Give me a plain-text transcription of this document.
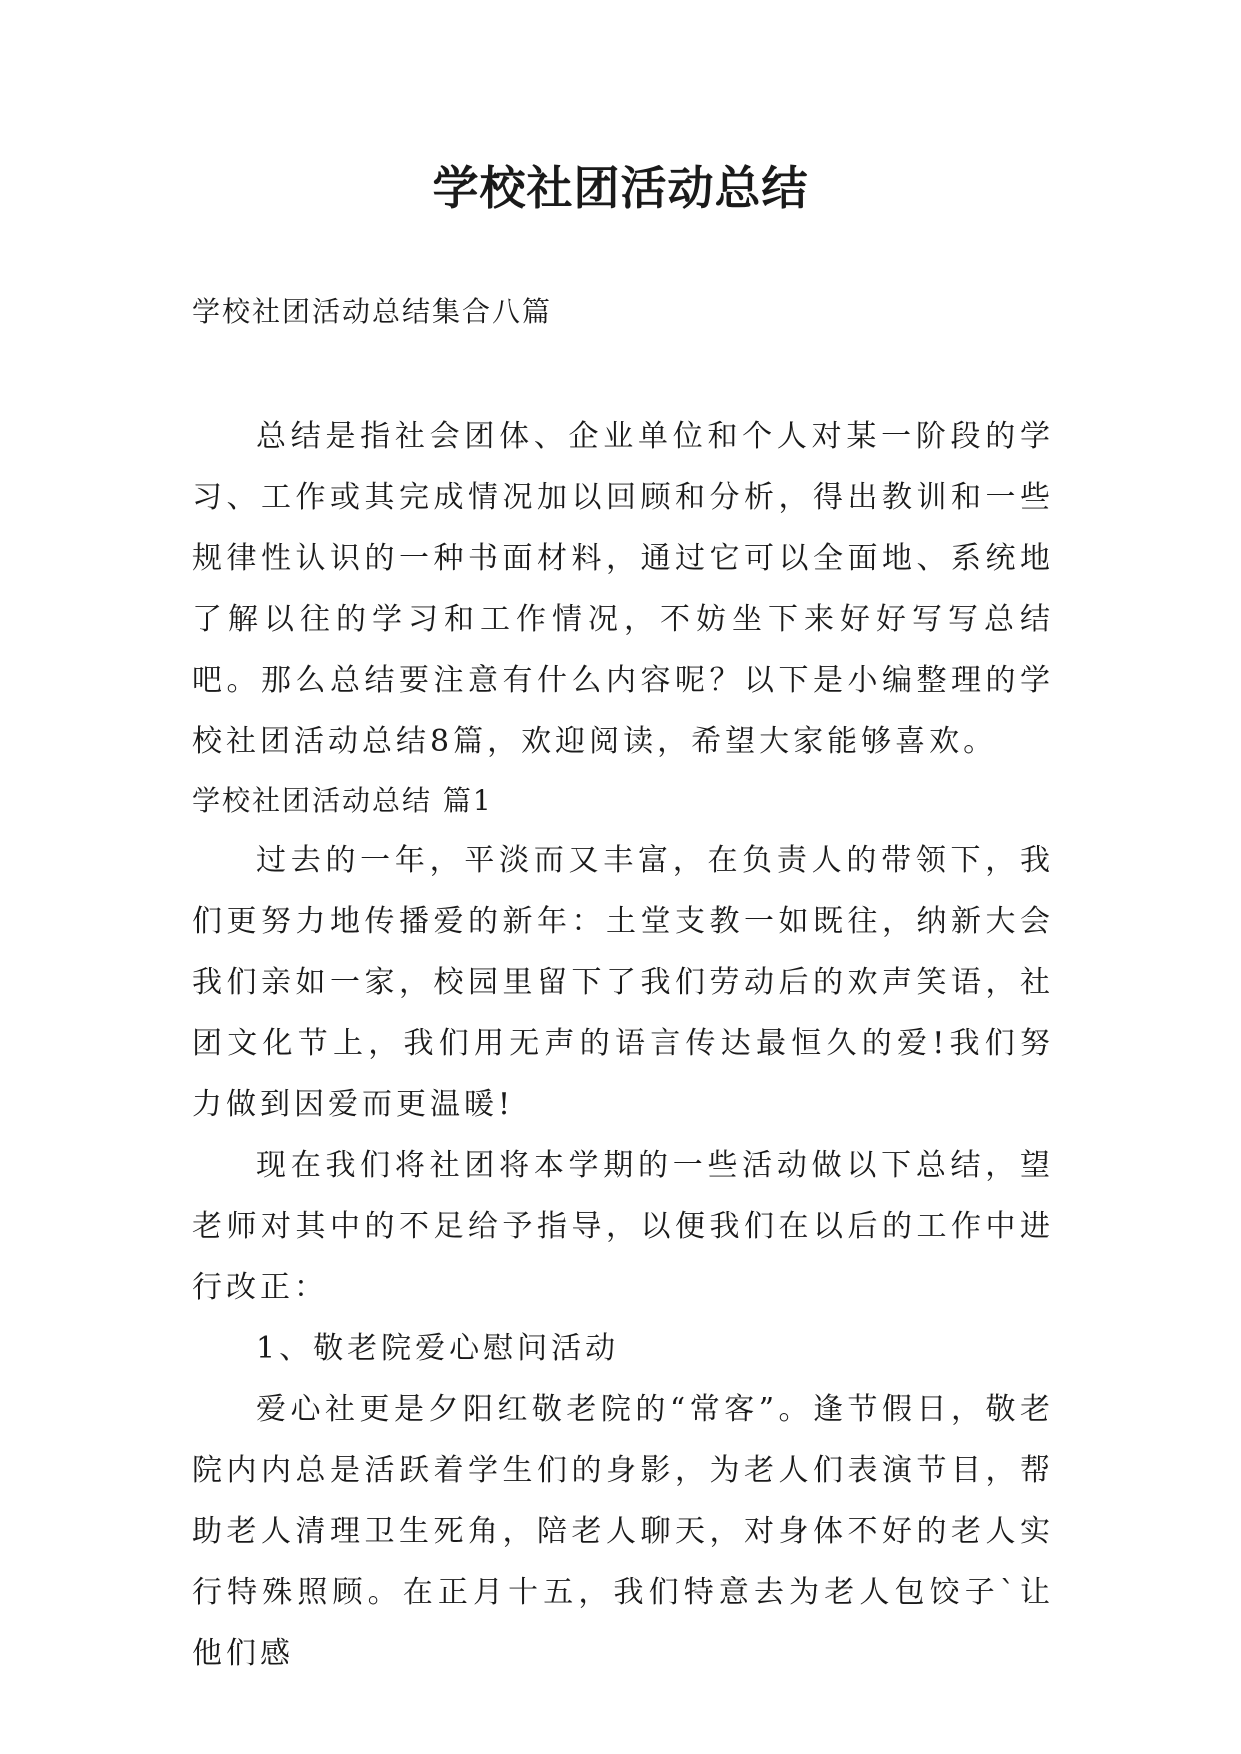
学校社团活动总结
学校社团活动总结集合八篇

总结是指社会团体、企业单位和个人对某一阶段的学习、工作或其完成情况加以回顾和分析，得出教训和一些规律性认识的一种书面材料，通过它可以全面地、系统地了解以往的学习和工作情况，不妨坐下来好好写写总结吧。那么总结要注意有什么内容呢？以下是小编整理的学校社团活动总结8篇，欢迎阅读，希望大家能够喜欢。

学校社团活动总结 篇1

过去的一年，平淡而又丰富，在负责人的带领下，我们更努力地传播爱的新年：土堂支教一如既往，纳新大会我们亲如一家，校园里留下了我们劳动后的欢声笑语，社团文化节上，我们用无声的语言传达最恒久的爱!我们努力做到因爱而更温暖!

现在我们将社团将本学期的一些活动做以下总结，望老师对其中的不足给予指导，以便我们在以后的工作中进行改正：

1、敬老院爱心慰问活动

爱心社更是夕阳红敬老院的“常客”。逢节假日，敬老院内内总是活跃着学生们的身影，为老人们表演节目，帮助老人清理卫生死角，陪老人聊天，对身体不好的老人实行特殊照顾。在正月十五，我们特意去为老人包饺子`让他们感
